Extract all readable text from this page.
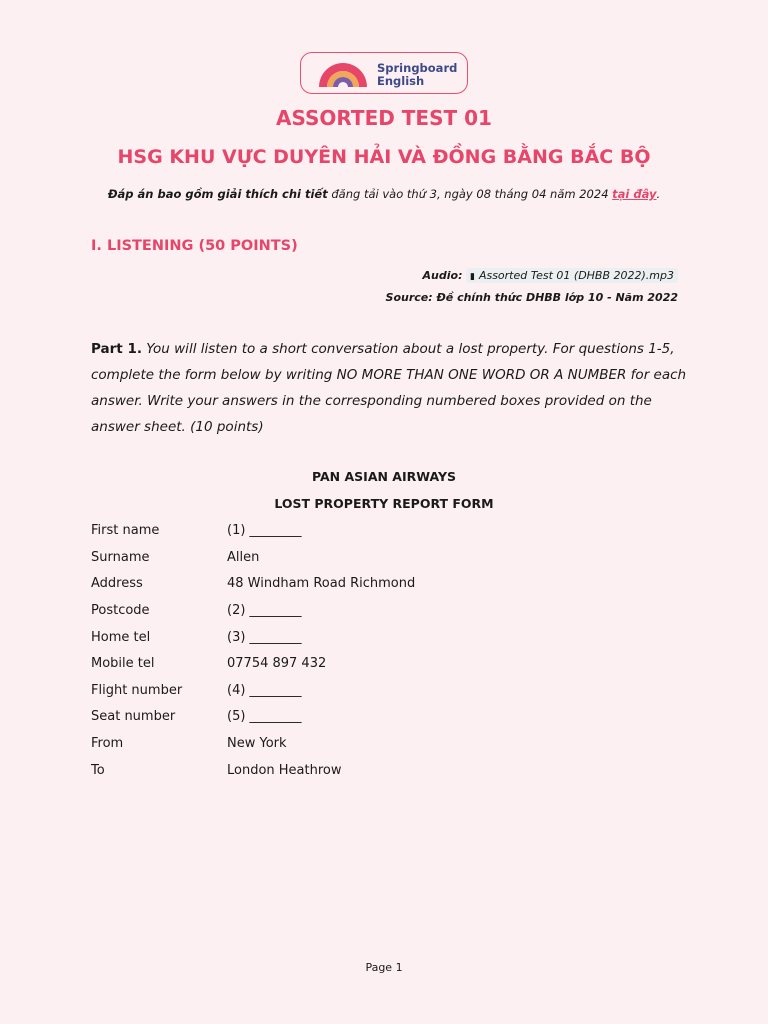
Springboard
English
ASSORTED TEST 01
HSG KHU VỰC DUYÊN HẢI VÀ ĐỒNG BẰNG BẮC BỘ
Đáp án bao gồm giải thích chi tiết đăng tải vào thứ 3, ngày 08 tháng 04 năm 2024 tại đây.
I. LISTENING (50 POINTS)
Audio: ▮ Assorted Test 01 (DHBB 2022).mp3
Source: Đề chính thức DHBB lớp 10 - Năm 2022
Part 1. You will listen to a short conversation about a lost property. For questions 1-5, complete the form below by writing NO MORE THAN ONE WORD OR A NUMBER for each answer. Write your answers in the corresponding numbered boxes provided on the answer sheet. (10 points)
PAN ASIAN AIRWAYS
LOST PROPERTY REPORT FORM
First name	(1) ________
Surname	Allen
Address	48 Windham Road Richmond
Postcode	(2) ________
Home tel	(3) ________
Mobile tel	07754 897 432
Flight number	(4) ________
Seat number	(5) ________
From	New York
To	London Heathrow
Page 1
